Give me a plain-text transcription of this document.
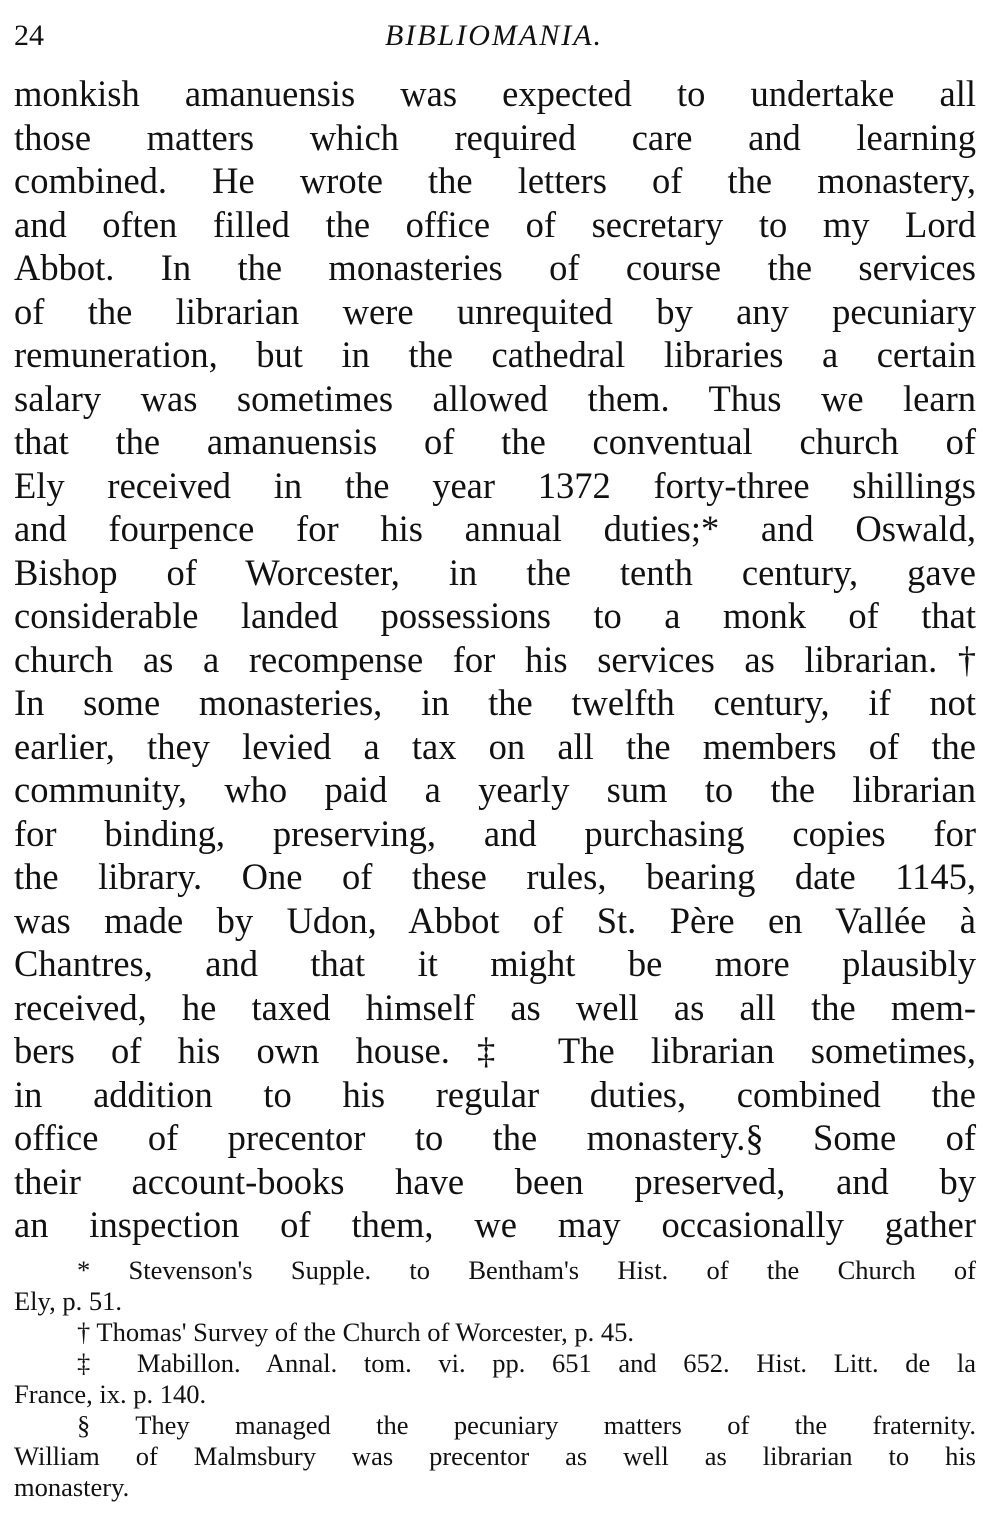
24	BIBLIOMANIA.
monkish amanuensis was expected to undertake all
those matters which required care and learning
combined. He wrote the letters of the monastery,
and often filled the office of secretary to my Lord
Abbot. In the monasteries of course the services
of the librarian were unrequited by any pecuniary
remuneration, but in the cathedral libraries a certain
salary was sometimes allowed them. Thus we learn
that the amanuensis of the conventual church of
Ely received in the year 1372 forty-three shillings
and fourpence for his annual duties;* and Oswald,
Bishop of Worcester, in the tenth century, gave
considerable landed possessions to a monk of that
church as a recompense for his services as librarian.†
In some monasteries, in the twelfth century, if not
earlier, they levied a tax on all the members of the
community, who paid a yearly sum to the librarian
for binding, preserving, and purchasing copies for
the library. One of these rules, bearing date 1145,
was made by Udon, Abbot of St. Père en Vallée à
Chantres, and that it might be more plausibly
received, he taxed himself as well as all the mem-
bers of his own house.‡ The librarian sometimes,
in addition to his regular duties, combined the
office of precentor to the monastery.§ Some of
their account-books have been preserved, and by
an inspection of them, we may occasionally gather
* Stevenson's Supple. to Bentham's Hist. of the Church of
Ely, p. 51.
† Thomas' Survey of the Church of Worcester, p. 45.
‡ Mabillon. Annal. tom. vi. pp. 651 and 652. Hist. Litt. de la
France, ix. p. 140.
§ They managed the pecuniary matters of the fraternity.
William of Malmsbury was precentor as well as librarian to his
monastery.
